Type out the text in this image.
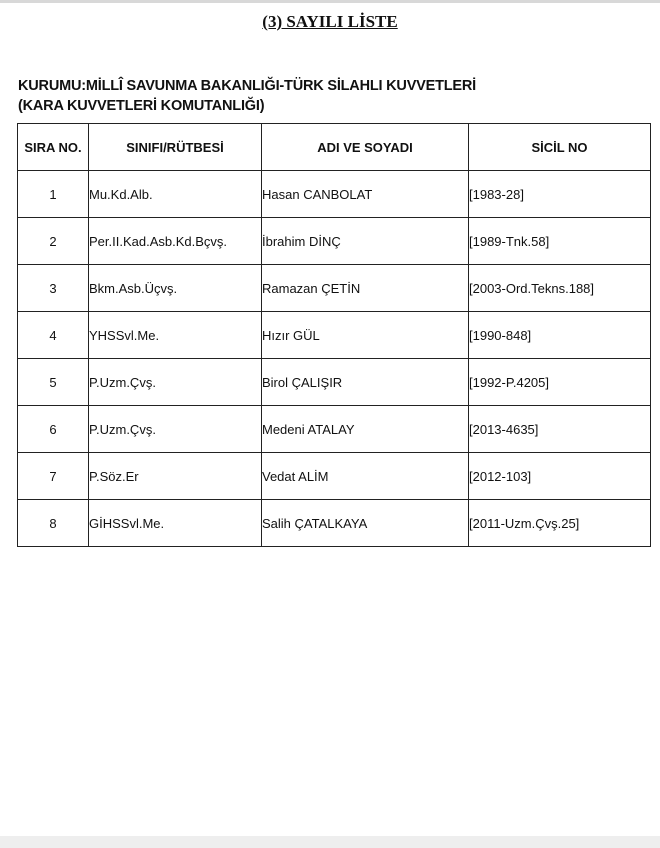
(3) SAYILI LİSTE
KURUMU:MİLLÎ SAVUNMA BAKANLIĞI-TÜRK SİLAHLI KUVVETLERİ
(KARA KUVVETLERİ KOMUTANLIĞI)
SIRA NO.	SINIFI/RÜTBESİ	ADI VE SOYADI	SİCİL NO
1	Mu.Kd.Alb.	Hasan CANBOLAT	[1983-28]
2	Per.II.Kad.Asb.Kd.Bçvş.	İbrahim DİNÇ	[1989-Tnk.58]
3	Bkm.Asb.Üçvş.	Ramazan ÇETİN	[2003-Ord.Tekns.188]
4	YHSSvl.Me.	Hızır GÜL	[1990-848]
5	P.Uzm.Çvş.	Birol ÇALIŞIR	[1992-P.4205]
6	P.Uzm.Çvş.	Medeni ATALAY	[2013-4635]
7	P.Söz.Er	Vedat ALİM	[2012-103]
8	GİHSSvl.Me.	Salih ÇATALKAYA	[2011-Uzm.Çvş.25]
